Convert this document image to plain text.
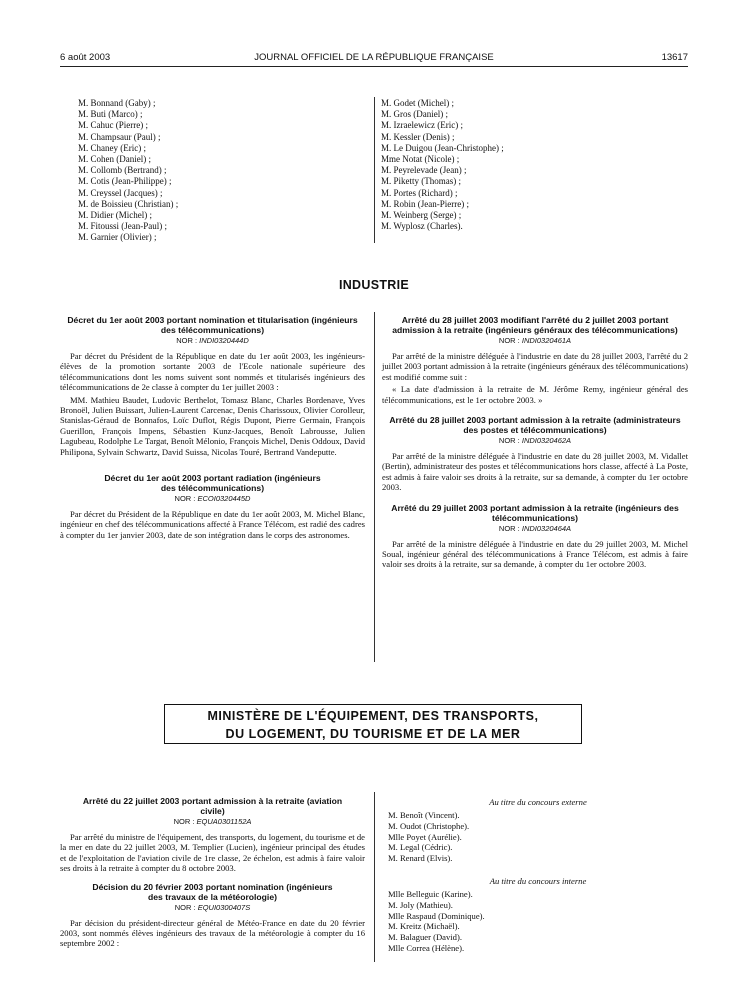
6 août 2003	JOURNAL OFFICIEL DE LA RÉPUBLIQUE FRANÇAISE	13617
M. Bonnand (Gaby) ;
M. Buti (Marco) ;
M. Cahuc (Pierre) ;
M. Champsaur (Paul) ;
M. Chaney (Eric) ;
M. Cohen (Daniel) ;
M. Collomb (Bertrand) ;
M. Cotis (Jean-Philippe) ;
M. Creyssel (Jacques) ;
M. de Boissieu (Christian) ;
M. Didier (Michel) ;
M. Fitoussi (Jean-Paul) ;
M. Garnier (Olivier) ;
M. Godet (Michel) ;
M. Gros (Daniel) ;
M. Izraelewicz (Eric) ;
M. Kessler (Denis) ;
M. Le Duigou (Jean-Christophe) ;
Mme Notat (Nicole) ;
M. Peyrelevade (Jean) ;
M. Piketty (Thomas) ;
M. Portes (Richard) ;
M. Robin (Jean-Pierre) ;
M. Weinberg (Serge) ;
M. Wyplosz (Charles).
INDUSTRIE
Décret du 1er août 2003 portant nomination et titularisation (ingénieurs des télécommunications)
NOR : INDI0320444D

Par décret du Président de la République en date du 1er août 2003, les ingénieurs-élèves de la promotion sortante 2003 de l'Ecole nationale supérieure des télécommunications dont les noms suivent sont nommés et titularisés ingénieurs des télécommunications de 2e classe à compter du 1er juillet 2003 :

MM. Mathieu Baudet, Ludovic Berthelot, Tomasz Blanc, Charles Bordenave, Yves Bronoël, Julien Buissart, Julien-Laurent Carcenac, Denis Charissoux, Olivier Corolleur, Stanislas-Géraud de Bonnafos, Loïc Duflot, Régis Dupont, Pierre Germain, François Guerillon, François Impens, Sébastien Kunz-Jacques, Benoît Labrousse, Julien Lagubeau, Rodolphe Le Targat, Benoît Mélonio, François Michel, Denis Oddoux, David Philipona, Sylvain Schwartz, David Suissa, Nicolas Touré, Bertrand Vandeputte.

Décret du 1er août 2003 portant radiation (ingénieurs des télécommunications)
NOR : ECOI0320445D

Par décret du Président de la République en date du 1er août 2003, M. Michel Blanc, ingénieur en chef des télécommunications affecté à France Télécom, est radié des cadres à compter du 1er janvier 2003, date de son intégration dans le corps des astronomes.

Arrêté du 28 juillet 2003 modifiant l'arrêté du 2 juillet 2003 portant admission à la retraite (ingénieurs généraux des télécommunications)
NOR : INDI0320461A

Par arrêté de la ministre déléguée à l'industrie en date du 28 juillet 2003, l'arrêté du 2 juillet 2003 portant admission à la retraite (ingénieurs généraux des télécommunications) est modifié comme suit :

« La date d'admission à la retraite de M. Jérôme Remy, ingénieur général des télécommunications, est le 1er octobre 2003. »

Arrêté du 28 juillet 2003 portant admission à la retraite (administrateurs des postes et télécommunications)
NOR : INDI0320462A

Par arrêté de la ministre déléguée à l'industrie en date du 28 juillet 2003, M. Vidallet (Bertin), administrateur des postes et télécommunications hors classe, affecté à La Poste, est admis à faire valoir ses droits à la retraite, sur sa demande, à compter du 1er octobre 2003.

Arrêté du 29 juillet 2003 portant admission à la retraite (ingénieurs des télécommunications)
NOR : INDI0320464A

Par arrêté de la ministre déléguée à l'industrie en date du 29 juillet 2003, M. Michel Soual, ingénieur général des télécommunications à France Télécom, est admis à faire valoir ses droits à la retraite, sur sa demande, à compter du 1er octobre 2003.

MINISTÈRE DE L'ÉQUIPEMENT, DES TRANSPORTS,
DU LOGEMENT, DU TOURISME ET DE LA MER
Arrêté du 22 juillet 2003 portant admission à la retraite (aviation civile)
NOR : EQUA0301152A

Par arrêté du ministre de l'équipement, des transports, du logement, du tourisme et de la mer en date du 22 juillet 2003, M. Templier (Lucien), ingénieur principal des études et de l'exploitation de l'aviation civile de 1re classe, 2e échelon, est admis à faire valoir ses droits à la retraite à compter du 8 octobre 2003.

Décision du 20 février 2003 portant nomination (ingénieurs des travaux de la météorologie)
NOR : EQUI0300407S

Par décision du président-directeur général de Météo-France en date du 20 février 2003, sont nommés élèves ingénieurs des travaux de la météorologie à compter du 16 septembre 2002 :

Au titre du concours externe
M. Benoît (Vincent).
M. Oudot (Christophe).
Mlle Poyet (Aurélie).
M. Legal (Cédric).
M. Renard (Elvis).
Au titre du concours interne
Mlle Belleguic (Karine).
M. Joly (Mathieu).
Mlle Raspaud (Dominique).
M. Kreitz (Michaël).
M. Balaguer (David).
Mlle Correa (Hélène).
